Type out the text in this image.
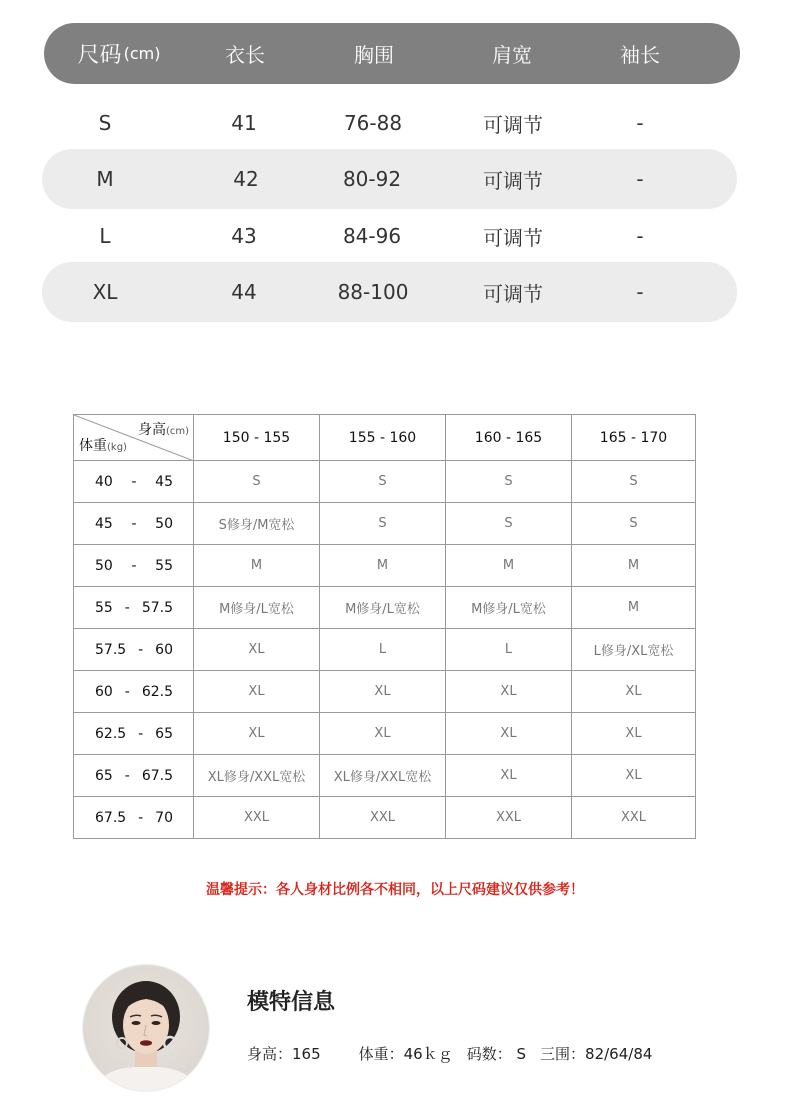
尺码 (cm)	衣长	胸围	肩宽	袖长
S	41	76-88	可调节	-
M	42	80-92	可调节	-
L	43	84-96	可调节	-
XL	44	88-100	可调节	-
身高(cm)
体重(kg)	150 - 155	155 - 160	160 - 165	165 - 170

40 - 45	S	S	S	S

45 - 50	S修身/M宽松	S	S	S

50 - 55	M	M	M	M

55 - 57.5	M修身/L宽松	M修身/L宽松	M修身/L宽松	M

57.5 - 60	XL	L	L	L修身/XL宽松

60 - 62.5	XL	XL	XL	XL

62.5 - 65	XL	XL	XL	XL

65 - 67.5	XL修身/XXL宽松	XL修身/XXL宽松	XL	XL

67.5 - 70	XXL	XXL	XXL	XXL
温馨提示：各人身材比例各不相同，以上尺码建议仅供参考！
模特信息
身高：165	体重：46ｋｇ 码数： S 三围：82/64/84
